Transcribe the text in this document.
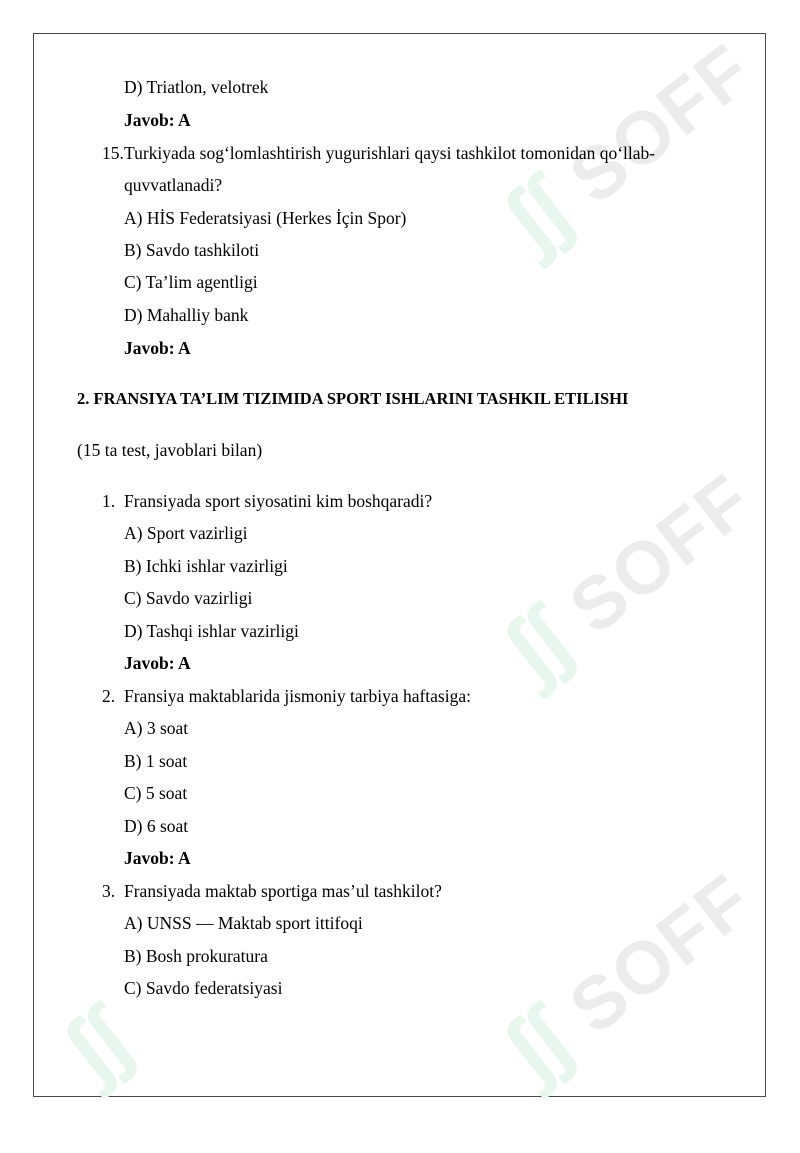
ʃʃ
SOFF
ʃʃ
SOFF
ʃʃ
SOFF
ʃʃ
D) Triatlon, velotrek
Javob: A
15. Turkiyada sog‘lomlashtirish yugurishlari qaysi tashkilot tomonidan qo‘llab-
quvvatlanadi?
A) HİS Federatsiyasi (Herkes İçin Spor)
B) Savdo tashkiloti
C) Ta’lim agentligi
D) Mahalliy bank
Javob: A
2. FRANSIYA TA’LIM TIZIMIDA SPORT ISHLARINI TASHKIL ETILISHI
(15 ta test, javoblari bilan)
1. Fransiyada sport siyosatini kim boshqaradi?
A) Sport vazirligi
B) Ichki ishlar vazirligi
C) Savdo vazirligi
D) Tashqi ishlar vazirligi
Javob: A
2. Fransiya maktablarida jismoniy tarbiya haftasiga:
A) 3 soat
B) 1 soat
C) 5 soat
D) 6 soat
Javob: A
3. Fransiyada maktab sportiga mas’ul tashkilot?
A) UNSS — Maktab sport ittifoqi
B) Bosh prokuratura
C) Savdo federatsiyasi
